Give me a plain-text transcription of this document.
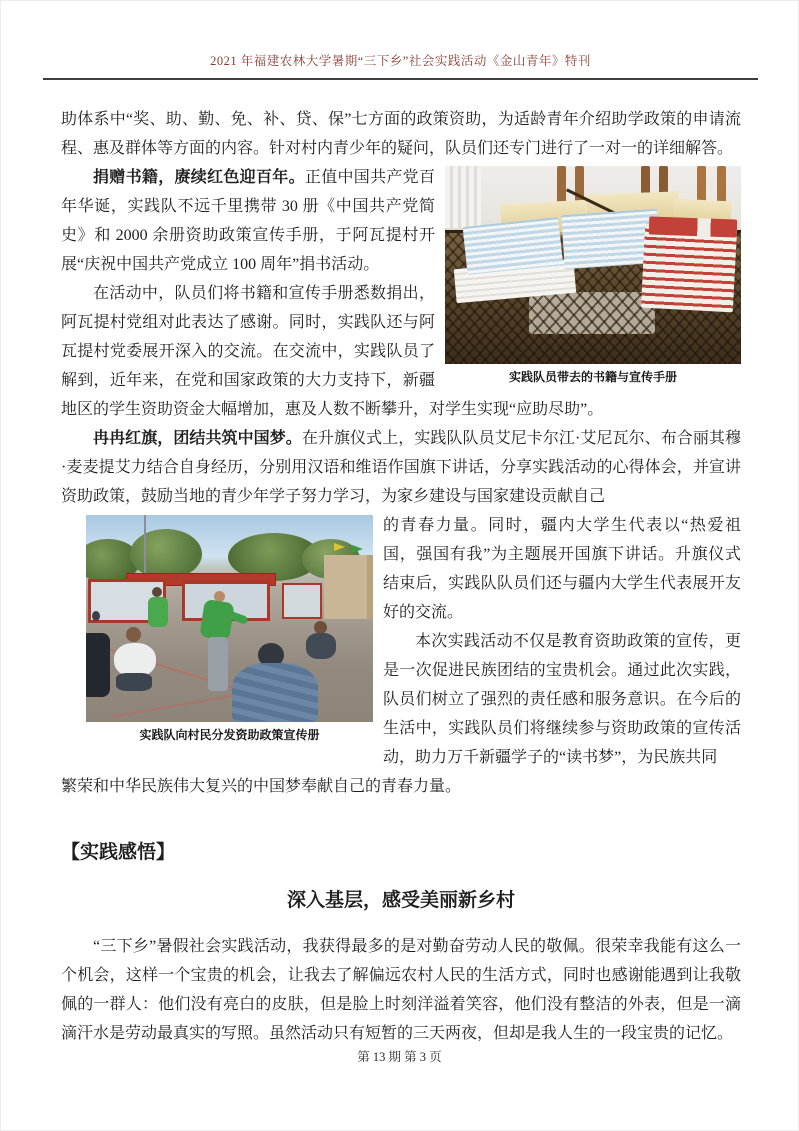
2021 年福建农林大学暑期“三下乡”社会实践活动《金山青年》特刊

助体系中“奖、助、勤、免、补、贷、保”七方面的政策资助，为适龄青年介绍助学政策的申请流程、惠及群体等方面的内容。针对村内青少年的疑问，队员们还专门进行了一对一的详细解答。

实践队员带去的书籍与宣传手册

捐赠书籍，赓续红色迎百年。正值中国共产党百年华诞，实践队不远千里携带 30 册《中国共产党简史》和 2000 余册资助政策宣传手册，于阿瓦提村开展“庆祝中国共产党成立 100 周年”捐书活动。

在活动中，队员们将书籍和宣传手册悉数捐出，阿瓦提村党组对此表达了感谢。同时，实践队还与阿瓦提村党委展开深入的交流。在交流中，实践队员了解到，近年来，在党和国家政策的大力支持下，新疆地区的学生资助资金大幅增加，惠及人数不断攀升，对学生实现“应助尽助”。

冉冉红旗，团结共筑中国梦。在升旗仪式上，实践队队员艾尼卡尔江·艾尼瓦尔、布合丽其穆·麦麦提艾力结合自身经历，分别用汉语和维语作国旗下讲话，分享实践活动的心得体会，并宣讲资助政策，鼓励当地的青少年学子努力学习，为家乡建设与国家建设贡献自己

实践队向村民分发资助政策宣传册

的青春力量。同时，疆内大学生代表以“热爱祖国，强国有我”为主题展开国旗下讲话。升旗仪式结束后，实践队队员们还与疆内大学生代表展开友好的交流。

本次实践活动不仅是教育资助政策的宣传，更是一次促进民族团结的宝贵机会。通过此次实践，队员们树立了强烈的责任感和服务意识。在今后的生活中，实践队员们将继续参与资助政策的宣传活动，助力万千新疆学子的“读书梦”，为民族共同

繁荣和中华民族伟大复兴的中国梦奉献自己的青春力量。

【实践感悟】
深入基层，感受美丽新乡村

“三下乡”暑假社会实践活动，我获得最多的是对勤奋劳动人民的敬佩。很荣幸我能有这么一个机会，这样一个宝贵的机会，让我去了解偏远农村人民的生活方式，同时也感谢能遇到让我敬佩的一群人：他们没有亮白的皮肤，但是脸上时刻洋溢着笑容，他们没有整洁的外表，但是一滴滴汗水是劳动最真实的写照。虽然活动只有短暂的三天两夜，但却是我人生的一段宝贵的记忆。

第 13 期 第 3 页
